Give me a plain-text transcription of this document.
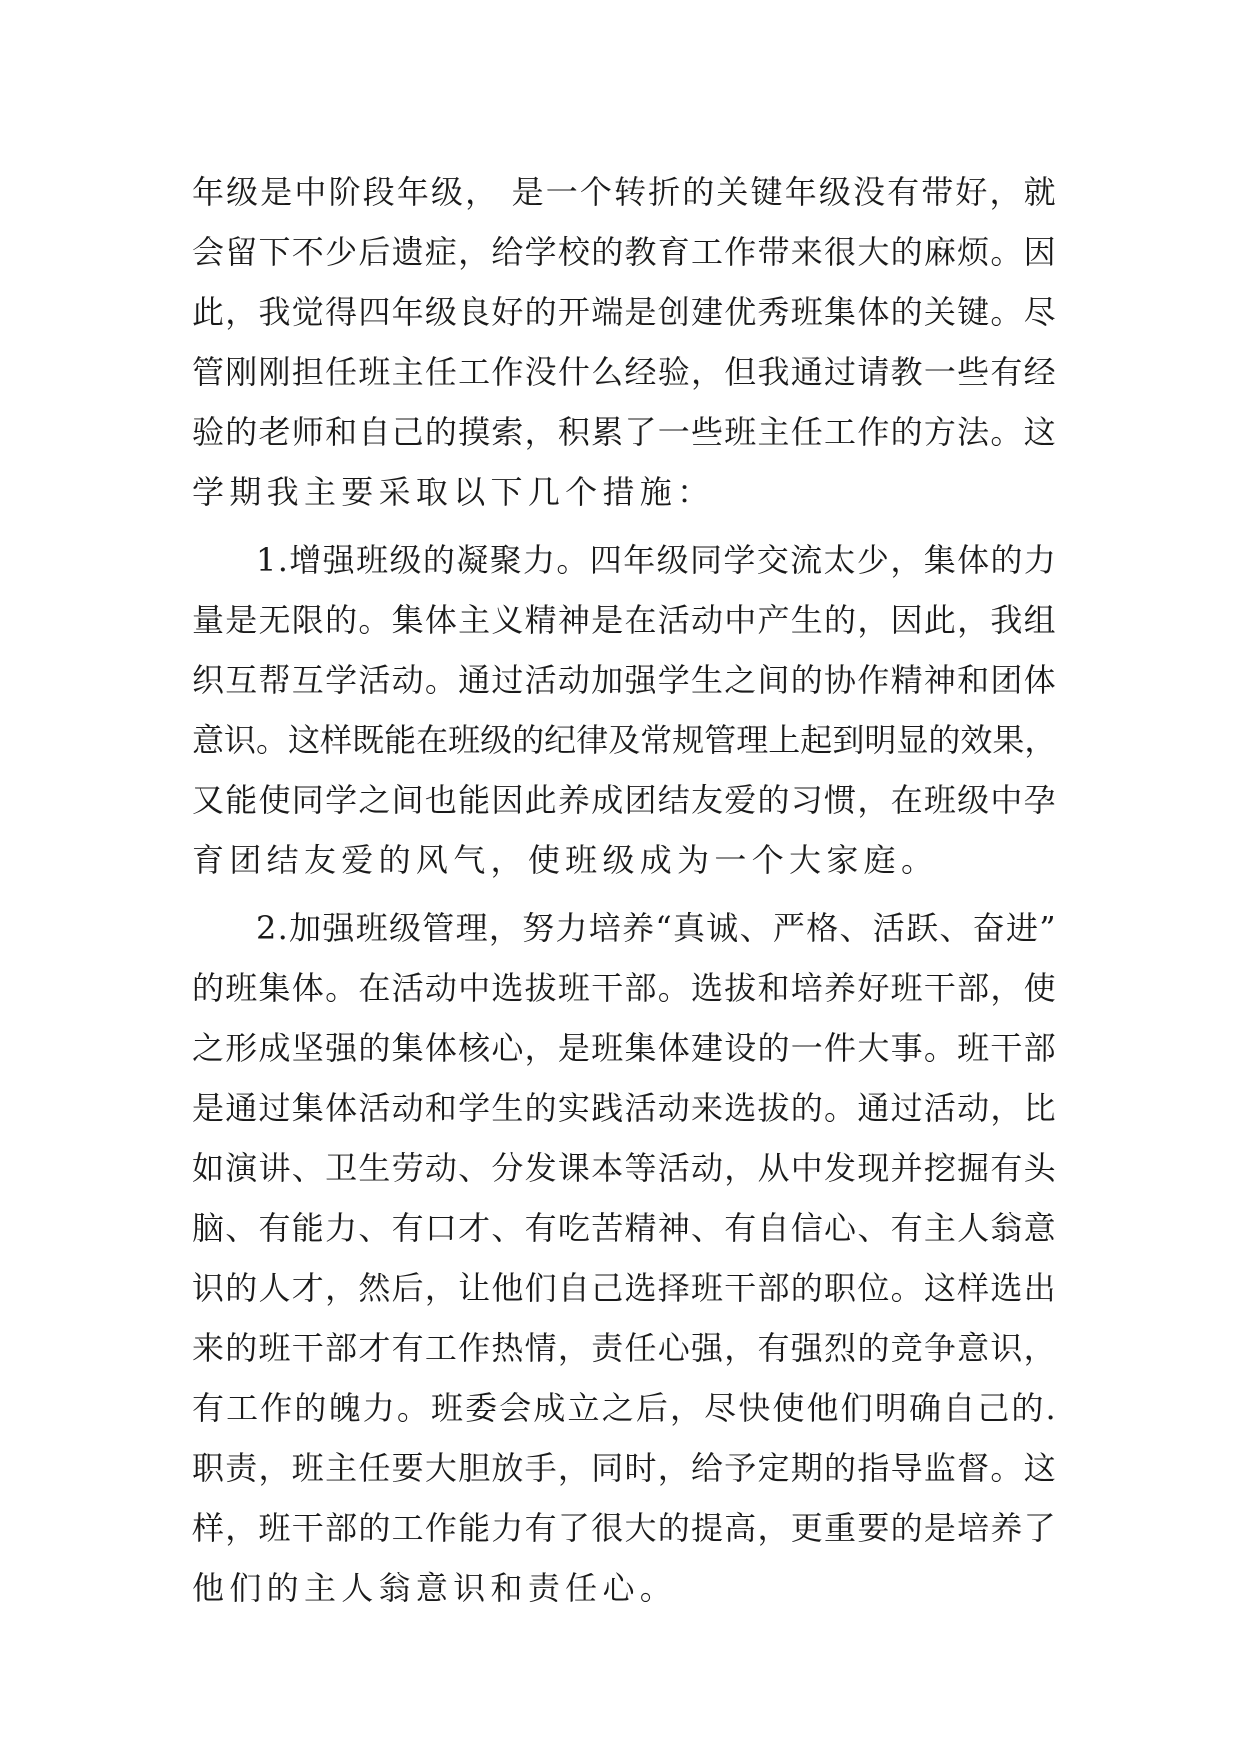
年 级 是 中 阶 段 年 级 ，
是 一 个 转 折 的 关 键 年 级 没 有 带 好 ， 就
会 留 下 不 少 后 遗 症 ， 给 学 校 的 教 育 工 作 带 来 很 大 的 麻 烦 。 因
此 ， 我 觉 得 四 年 级 良 好 的 开 端 是 创 建 优 秀 班 集 体 的 关 键 。 尽
管 刚 刚 担 任 班 主 任 工 作 没 什 么 经 验 ， 但 我 通 过 请 教 一 些 有 经
验 的 老 师 和 自 己 的 摸 索 ， 积 累 了 一 些 班 主 任 工 作 的 方 法 。 这
学 期 我 主 要 采 取 以 下 几 个 措 施 ：
1 . 增 强 班 级 的 凝 聚 力 。 四 年 级 同 学 交 流 太 少 ， 集 体 的 力
量 是 无 限 的 。 集 体 主 义 精 神 是 在 活 动 中 产 生 的 ， 因 此 ， 我 组
织 互 帮 互 学 活 动 。 通 过 活 动 加 强 学 生 之 间 的 协 作 精 神 和 团 体
意 识 。 这 样 既 能 在 班 级 的 纪 律 及 常 规 管 理 上 起 到 明 显 的 效 果 ，
又 能 使 同 学 之 间 也 能 因 此 养 成 团 结 友 爱 的 习 惯 ， 在 班 级 中 孕
育 团 结 友 爱 的 风 气 ， 使 班 级 成 为 一 个 大 家 庭 。
2 . 加 强 班 级 管 理 ， 努 力 培 养 “ 真 诚 、 严 格 、 活 跃 、 奋 进 ”
的 班 集 体 。 在 活 动 中 选 拔 班 干 部 。 选 拔 和 培 养 好 班 干 部 ， 使
之 形 成 坚 强 的 集 体 核 心 ， 是 班 集 体 建 设 的 一 件 大 事 。 班 干 部
是 通 过 集 体 活 动 和 学 生 的 实 践 活 动 来 选 拔 的 。 通 过 活 动 ， 比
如 演 讲 、 卫 生 劳 动 、 分 发 课 本 等 活 动 ， 从 中 发 现 并 挖 掘 有 头
脑 、 有 能 力 、 有 口 才 、 有 吃 苦 精 神 、 有 自 信 心 、 有 主 人 翁 意
识 的 人 才 ， 然 后 ， 让 他 们 自 己 选 择 班 干 部 的 职 位 。 这 样 选 出
来 的 班 干 部 才 有 工 作 热 情 ， 责 任 心 强 ， 有 强 烈 的 竞 争 意 识 ，
有 工 作 的 魄 力 。 班 委 会 成 立 之 后 ， 尽 快 使 他 们 明 确 自 己 的 .
职 责 ， 班 主 任 要 大 胆 放 手 ， 同 时 ， 给 予 定 期 的 指 导 监 督 。 这
样 ， 班 干 部 的 工 作 能 力 有 了 很 大 的 提 高 ， 更 重 要 的 是 培 养 了
他 们 的 主 人 翁 意 识 和 责 任 心 。
